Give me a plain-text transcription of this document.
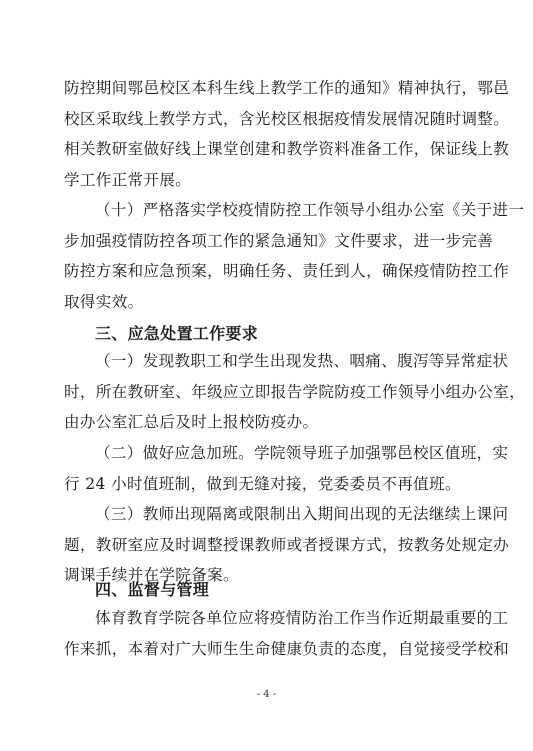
防控期间鄂邑校区本科生线上教学工作的通知》精神执行，鄂邑
校区采取线上教学方式，含光校区根据疫情发展情况随时调整。
相关教研室做好线上课堂创建和教学资料准备工作，保证线上教
学工作正常开展。
（十）严格落实学校疫情防控工作领导小组办公室《关于进一
步加强疫情防控各项工作的紧急通知》文件要求，进一步完善
防控方案和应急预案，明确任务、责任到人，确保疫情防控工作
取得实效。
三、应急处置工作要求
（一）发现教职工和学生出现发热、咽痛、腹泻等异常症状
时，所在教研室、年级应立即报告学院防疫工作领导小组办公室，
由办公室汇总后及时上报校防疫办。
（二）做好应急加班。学院领导班子加强鄂邑校区值班，实
行 24 小时值班制，做到无缝对接，党委委员不再值班。
（三）教师出现隔离或限制出入期间出现的无法继续上课问
题，教研室应及时调整授课教师或者授课方式，按教务处规定办
调课手续并在学院备案。
四、监督与管理
体育教育学院各单位应将疫情防治工作当作近期最重要的工
作来抓，本着对广大师生生命健康负责的态度，自觉接受学校和
- 4 -
